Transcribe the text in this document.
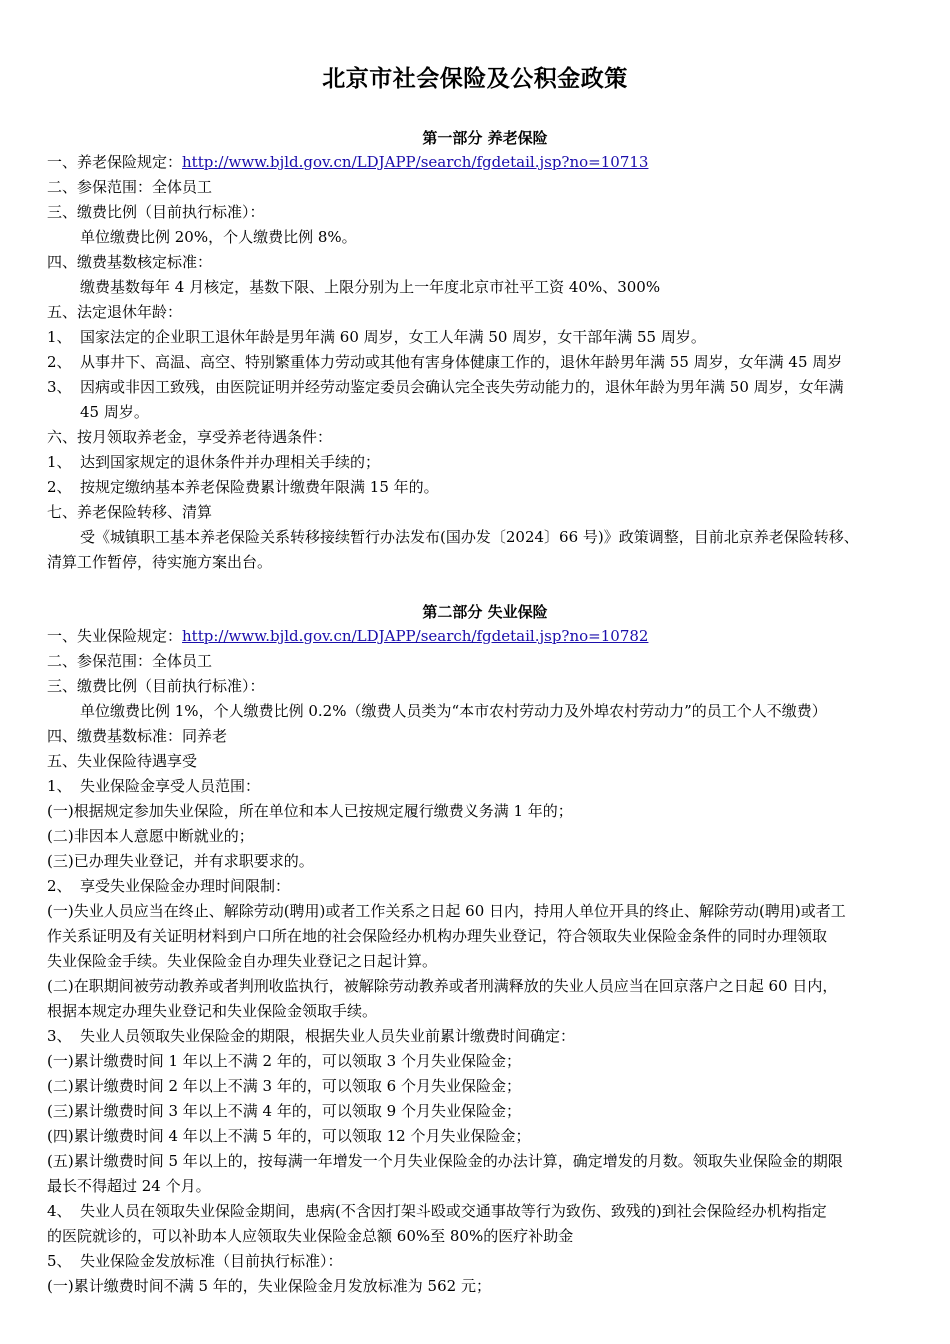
北京市社会保险及公积金政策
第一部分 养老保险
一、养老保险规定：http://www.bjld.gov.cn/LDJAPP/search/fgdetail.jsp?no=10713
二、参保范围：全体员工
三、缴费比例（目前执行标准）：
单位缴费比例 20%，个人缴费比例 8%。
四、缴费基数核定标准：
缴费基数每年 4 月核定，基数下限、上限分别为上一年度北京市社平工资 40%、300%
五、法定退休年龄：
1、 国家法定的企业职工退休年龄是男年满 60 周岁，女工人年满 50 周岁，女干部年满 55 周岁。
2、 从事井下、高温、高空、特别繁重体力劳动或其他有害身体健康工作的，退休年龄男年满 55 周岁，女年满 45 周岁
3、 因病或非因工致残，由医院证明并经劳动鉴定委员会确认完全丧失劳动能力的，退休年龄为男年满 50 周岁，女年满
45 周岁。
六、按月领取养老金，享受养老待遇条件：
1、 达到国家规定的退休条件并办理相关手续的；
2、 按规定缴纳基本养老保险费累计缴费年限满 15 年的。
七、养老保险转移、清算
受《城镇职工基本养老保险关系转移接续暂行办法发布(国办发〔2024〕66 号)》政策调整，目前北京养老保险转移、
清算工作暂停，待实施方案出台。
第二部分 失业保险
一、失业保险规定：http://www.bjld.gov.cn/LDJAPP/search/fgdetail.jsp?no=10782
二、参保范围：全体员工
三、缴费比例（目前执行标准）：
单位缴费比例 1%，个人缴费比例 0.2%（缴费人员类为“本市农村劳动力及外埠农村劳动力”的员工个人不缴费）
四、缴费基数标准：同养老
五、失业保险待遇享受
1、 失业保险金享受人员范围：
(一)根据规定参加失业保险，所在单位和本人已按规定履行缴费义务满 1 年的；
(二)非因本人意愿中断就业的；
(三)已办理失业登记，并有求职要求的。
2、 享受失业保险金办理时间限制：
(一)失业人员应当在终止、解除劳动(聘用)或者工作关系之日起 60 日内，持用人单位开具的终止、解除劳动(聘用)或者工
作关系证明及有关证明材料到户口所在地的社会保险经办机构办理失业登记，符合领取失业保险金条件的同时办理领取
失业保险金手续。失业保险金自办理失业登记之日起计算。
(二)在职期间被劳动教养或者判刑收监执行，被解除劳动教养或者刑满释放的失业人员应当在回京落户之日起 60 日内，
根据本规定办理失业登记和失业保险金领取手续。
3、 失业人员领取失业保险金的期限，根据失业人员失业前累计缴费时间确定：
(一)累计缴费时间 1 年以上不满 2 年的，可以领取 3 个月失业保险金；
(二)累计缴费时间 2 年以上不满 3 年的，可以领取 6 个月失业保险金；
(三)累计缴费时间 3 年以上不满 4 年的，可以领取 9 个月失业保险金；
(四)累计缴费时间 4 年以上不满 5 年的，可以领取 12 个月失业保险金；
(五)累计缴费时间 5 年以上的，按每满一年增发一个月失业保险金的办法计算，确定增发的月数。领取失业保险金的期限
最长不得超过 24 个月。
4、 失业人员在领取失业保险金期间，患病(不含因打架斗殴或交通事故等行为致伤、致残的)到社会保险经办机构指定
的医院就诊的，可以补助本人应领取失业保险金总额 60%至 80%的医疗补助金
5、 失业保险金发放标准（目前执行标准）：
(一)累计缴费时间不满 5 年的，失业保险金月发放标准为 562 元；
